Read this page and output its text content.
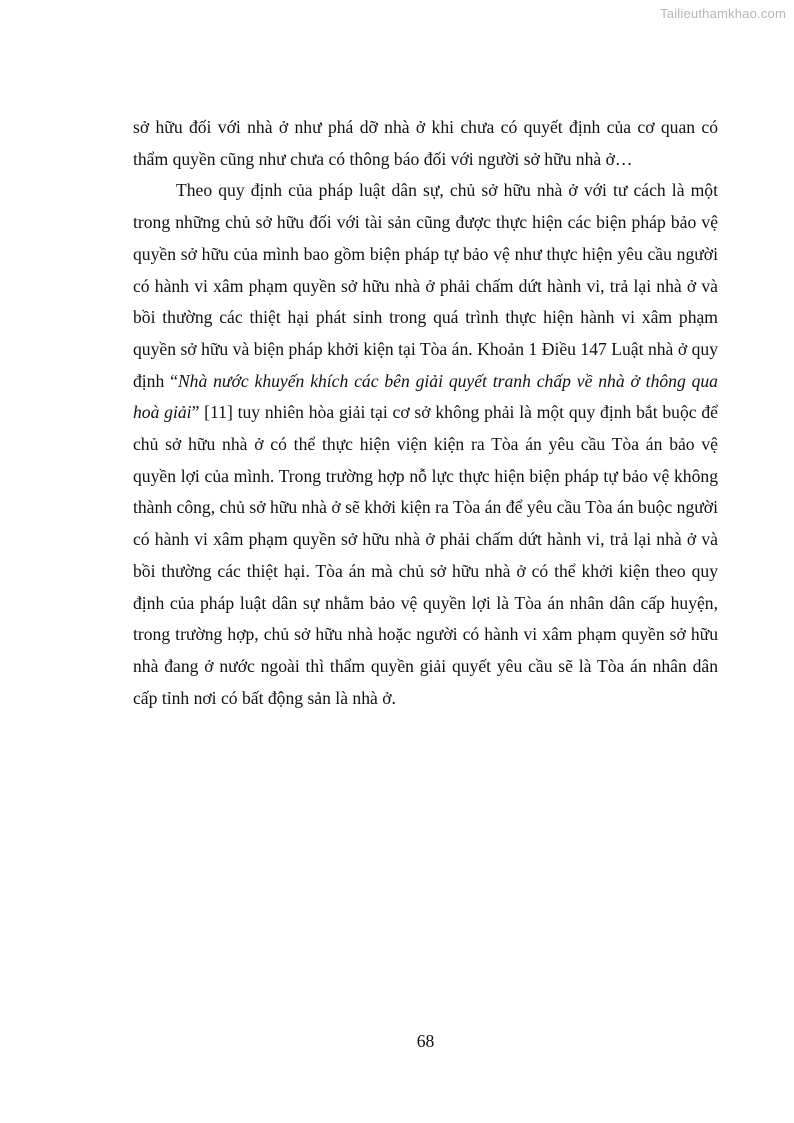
Tailieuthamkhao.com

sở hữu đối với nhà ở như phá dỡ nhà ở khi chưa có quyết định của cơ quan có thẩm quyền cũng như chưa có thông báo đối với người sở hữu nhà ở…

Theo quy định của pháp luật dân sự, chủ sở hữu nhà ở với tư cách là một trong những chủ sở hữu đối với tài sản cũng được thực hiện các biện pháp bảo vệ quyền sở hữu của mình bao gồm biện pháp tự bảo vệ như thực hiện yêu cầu người có hành vi xâm phạm quyền sở hữu nhà ở phải chấm dứt hành vi, trả lại nhà ở và bồi thường các thiệt hại phát sinh trong quá trình thực hiện hành vi xâm phạm quyền sở hữu và biện pháp khởi kiện tại Tòa án. Khoản 1 Điều 147 Luật nhà ở quy định “Nhà nước khuyến khích các bên giải quyết tranh chấp về nhà ở thông qua hoà giải” [11] tuy nhiên hòa giải tại cơ sở không phải là một quy định bắt buộc để chủ sở hữu nhà ở có thể thực hiện viện kiện ra Tòa án yêu cầu Tòa án bảo vệ quyền lợi của mình. Trong trường hợp nỗ lực thực hiện biện pháp tự bảo vệ không thành công, chủ sở hữu nhà ở sẽ khởi kiện ra Tòa án để yêu cầu Tòa án buộc người có hành vi xâm phạm quyền sở hữu nhà ở phải chấm dứt hành vi, trả lại nhà ở và bồi thường các thiệt hại. Tòa án mà chủ sở hữu nhà ở có thể khởi kiện theo quy định của pháp luật dân sự nhằm bảo vệ quyền lợi là Tòa án nhân dân cấp huyện, trong trường hợp, chủ sở hữu nhà hoặc người có hành vi xâm phạm quyền sở hữu nhà đang ở nước ngoài thì thẩm quyền giải quyết yêu cầu sẽ là Tòa án nhân dân cấp tỉnh nơi có bất động sản là nhà ở.

68
